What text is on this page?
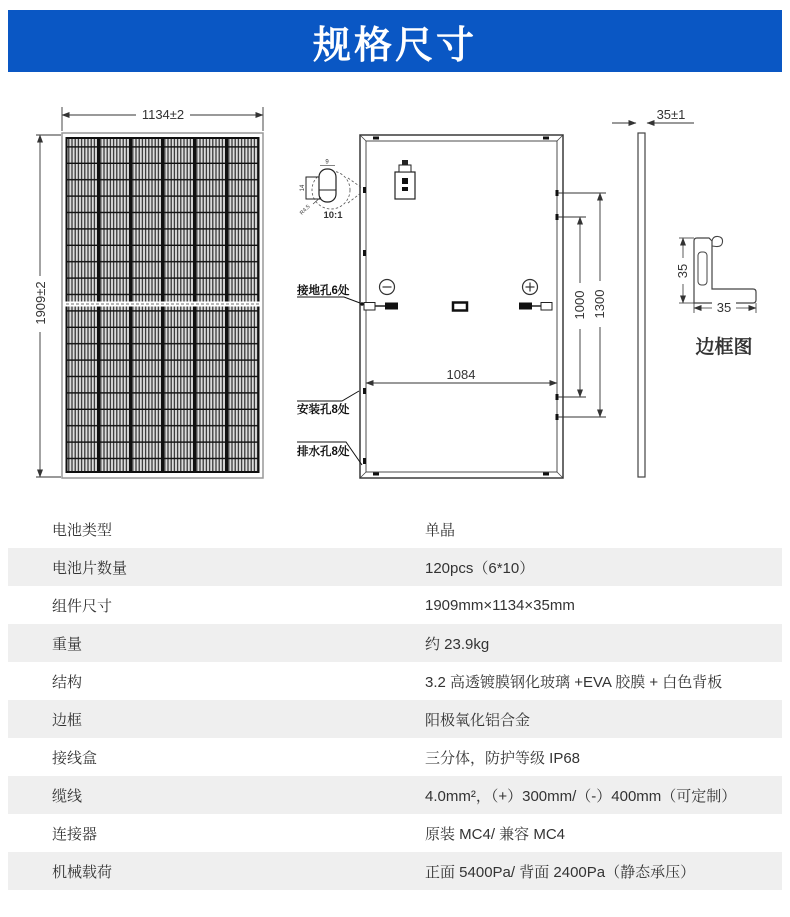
规格尺寸
1134±2
1909±2
9
14
R4.5 10:1
接地孔6处
安装孔8处
排水孔8处
1084
1000 1300
35±1
35
35
边框图
电池类型	单晶
电池片数量	120pcs（6*10）
组件尺寸	1909mm×1134×35mm
重量	约 23.9kg
结构	3.2 高透镀膜钢化玻璃 +EVA 胶膜 + 白色背板
边框	阳极氧化铝合金
接线盒	三分体，防护等级 IP68
缆线	4.0mm²，（+）300mm/（-）400mm（可定制）
连接器	原装 MC4/ 兼容 MC4
机械载荷	正面 5400Pa/ 背面 2400Pa（静态承压）
